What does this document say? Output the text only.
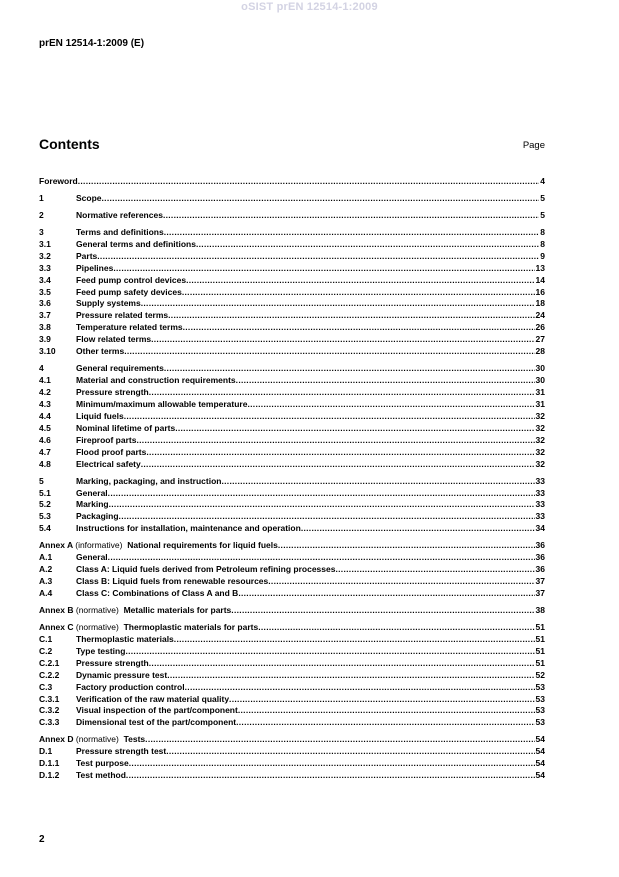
oSIST prEN 12514-1:2009
prEN 12514-1:2009 (E)
Contents	Page
Foreword .....	4
1	Scope .....	5
2	Normative references .....	5
3	Terms and definitions .....	8
3.1	General terms and definitions .....	8
3.2	Parts .....	9
3.3	Pipelines .....	13
3.4	Feed pump control devices .....	14
3.5	Feed pump safety devices .....	16
3.6	Supply systems .....	18
3.7	Pressure related terms .....	24
3.8	Temperature related terms .....	26
3.9	Flow related terms .....	27
3.10	Other terms .....	28
4	General requirements .....	30
4.1	Material and construction requirements .....	30
4.2	Pressure strength .....	31
4.3	Minimum/maximum allowable temperature .....	31
4.4	Liquid fuels .....	32
4.5	Nominal lifetime of parts .....	32
4.6	Fireproof parts .....	32
4.7	Flood proof parts .....	32
4.8	Electrical safety .....	32
5	Marking, packaging, and instruction .....	33
5.1	General .....	33
5.2	Marking .....	33
5.3	Packaging .....	33
5.4	Instructions for installation, maintenance and operation .....	34
Annex A (informative) National requirements for liquid fuels .....	36
A.1	General .....	36
A.2	Class A: Liquid fuels derived from Petroleum refining processes .....	36
A.3	Class B: Liquid fuels from renewable resources .....	37
A.4	Class C: Combinations of Class A and B .....	37
Annex B (normative) Metallic materials for parts .....	38
Annex C (normative) Thermoplastic materials for parts .....	51
C.1	Thermoplastic materials .....	51
C.2	Type testing .....	51
C.2.1	Pressure strength .....	51
C.2.2	Dynamic pressure test .....	52
C.3	Factory production control .....	53
C.3.1	Verification of the raw material quality .....	53
C.3.2	Visual inspection of the part/component .....	53
C.3.3	Dimensional test of the part/component .....	53
Annex D (normative) Tests .....	54
D.1	Pressure strength test .....	54
D.1.1	Test purpose .....	54
D.1.2	Test method .....	54
2
